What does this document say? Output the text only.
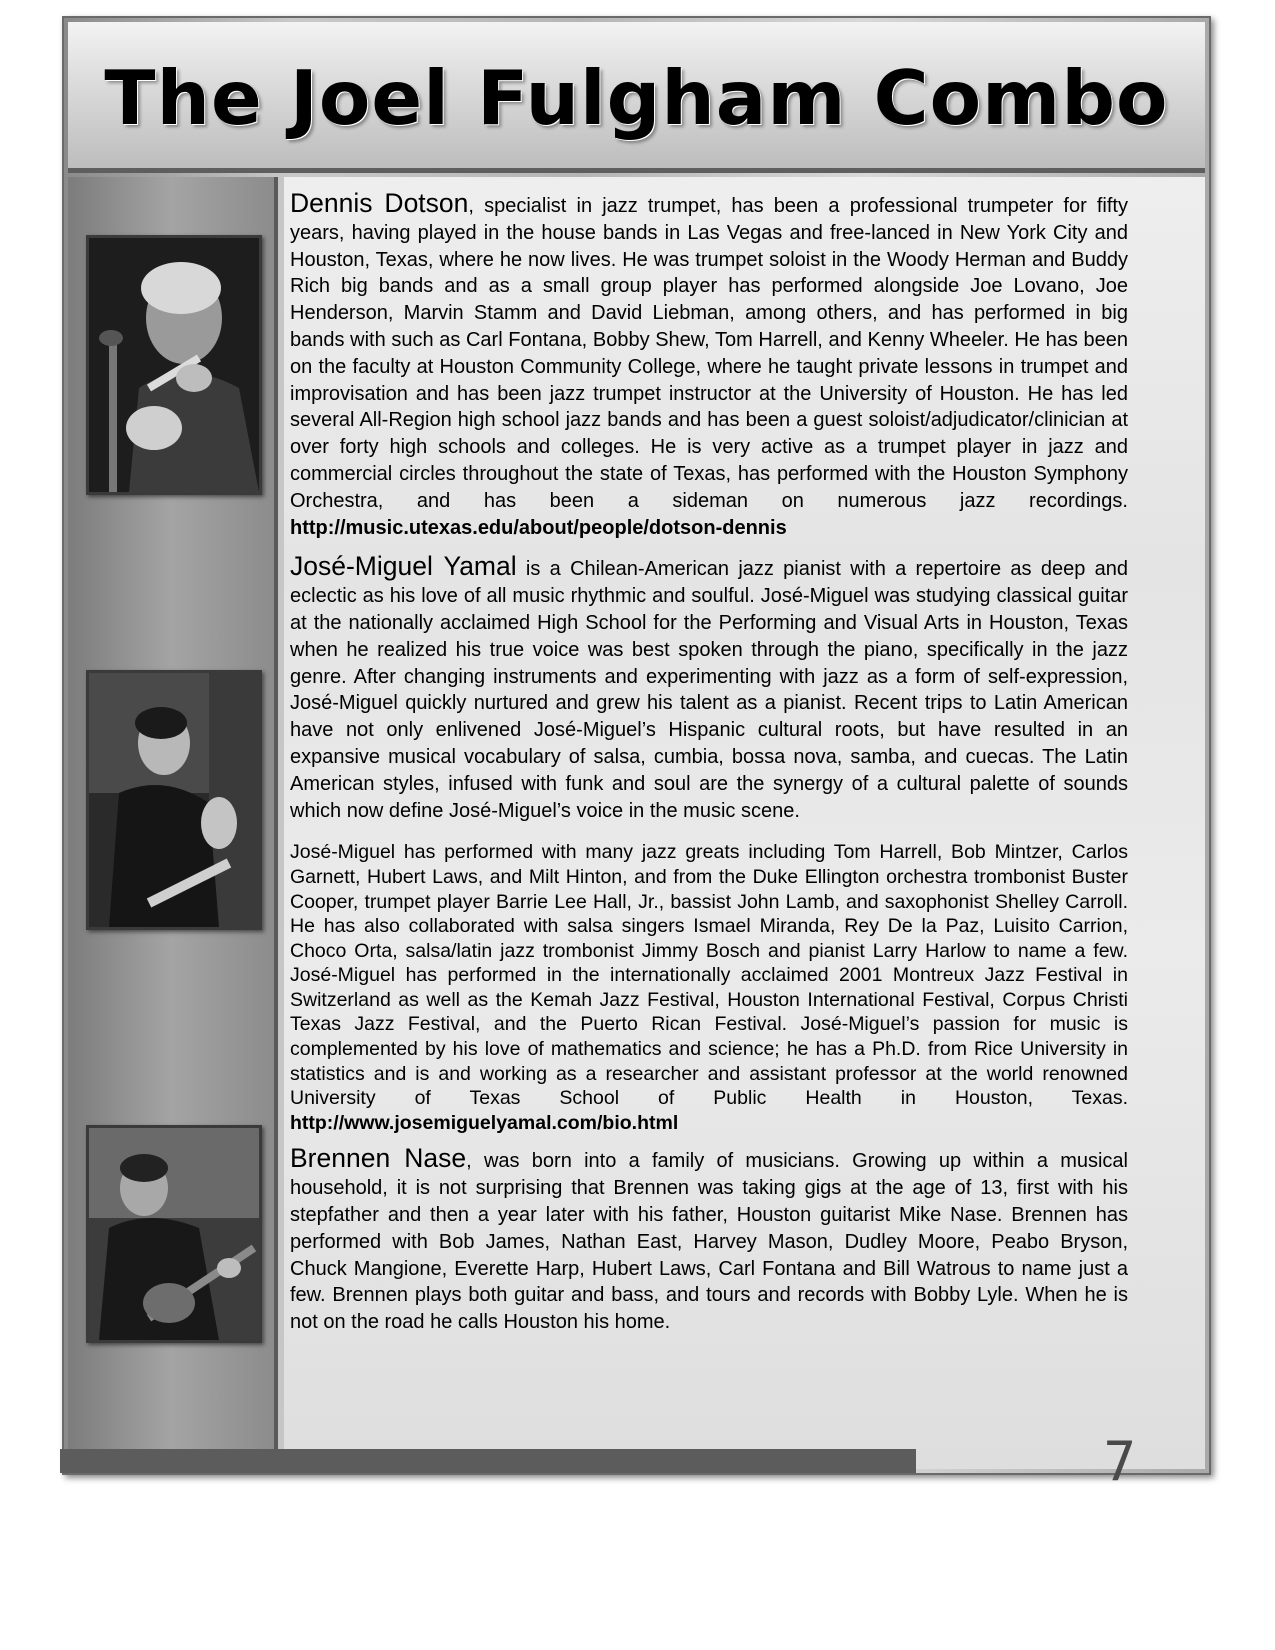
The Joel Fulgham Combo

Dennis Dotson, specialist in jazz trumpet, has been a professional trumpeter for fifty years, having played in the house bands in Las Vegas and free-lanced in New York City and Houston, Texas, where he now lives. He was trumpet soloist in the Woody Herman and Buddy Rich big bands and as a small group player has performed alongside Joe Lovano, Joe Henderson, Marvin Stamm and David Liebman, among others, and has performed in big bands with such as Carl Fontana, Bobby Shew, Tom Harrell, and Kenny Wheeler. He has been on the faculty at Houston Community College, where he taught private lessons in trumpet and improvisation and has been jazz trumpet instructor at the University of Houston. He has led several All-Region high school jazz bands and has been a guest soloist/adjudicator/clinician at over forty high schools and colleges. He is very active as a trumpet player in jazz and commercial circles throughout the state of Texas, has performed with the Houston Symphony Orchestra, and has been a sideman on numerous jazz recordings. http://music.utexas.edu/about/people/dotson-dennis

José-Miguel Yamal is a Chilean-American jazz pianist with a repertoire as deep and eclectic as his love of all music rhythmic and soulful. José-Miguel was studying classical guitar at the nationally acclaimed High School for the Performing and Visual Arts in Houston, Texas when he realized his true voice was best spoken through the piano, specifically in the jazz genre. After changing instruments and experimenting with jazz as a form of self-expression, José-Miguel quickly nurtured and grew his talent as a pianist. Recent trips to Latin American have not only enlivened José-Miguel’s Hispanic cultural roots, but have resulted in an expansive musical vocabulary of salsa, cumbia, bossa nova, samba, and cuecas. The Latin American styles, infused with funk and soul are the synergy of a cultural palette of sounds which now define José-Miguel’s voice in the music scene.

José-Miguel has performed with many jazz greats including Tom Harrell, Bob Mintzer, Carlos Garnett, Hubert Laws, and Milt Hinton, and from the Duke Ellington orchestra trombonist Buster Cooper, trumpet player Barrie Lee Hall, Jr., bassist John Lamb, and saxophonist Shelley Carroll. He has also collaborated with salsa singers Ismael Miranda, Rey De la Paz, Luisito Carrion, Choco Orta, salsa/latin jazz trombonist Jimmy Bosch and pianist Larry Harlow to name a few. José-Miguel has performed in the internationally acclaimed 2001 Montreux Jazz Festival in Switzerland as well as the Kemah Jazz Festival, Houston International Festival, Corpus Christi Texas Jazz Festival, and the Puerto Rican Festival. José-Miguel’s passion for music is complemented by his love of mathematics and science; he has a Ph.D. from Rice University in statistics and is and working as a researcher and assistant professor at the world renowned University of Texas School of Public Health in Houston, Texas. http://www.josemiguelyamal.com/bio.html

Brennen Nase, was born into a family of musicians. Growing up within a musical household, it is not surprising that Brennen was taking gigs at the age of 13, first with his stepfather and then a year later with his father, Houston guitarist Mike Nase. Brennen has performed with Bob James, Nathan East, Harvey Mason, Dudley Moore, Peabo Bryson, Chuck Mangione, Everette Harp, Hubert Laws, Carl Fontana and Bill Watrous to name just a few. Brennen plays both guitar and bass, and tours and records with Bobby Lyle. When he is not on the road he calls Houston his home.

7
